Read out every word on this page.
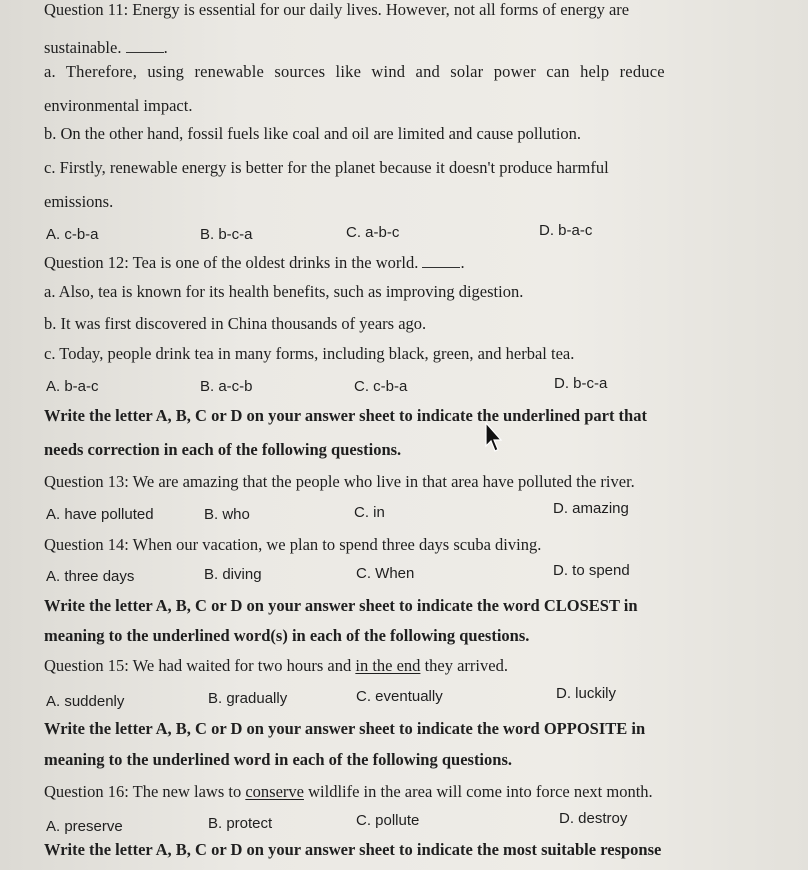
Question 11: Energy is essential for our daily lives. However, not all forms of energy are
sustainable.	.
a. Therefore, using renewable sources like wind and solar power can help reduce
environmental impact.
b. On the other hand, fossil fuels like coal and oil are limited and cause pollution.
c. Firstly, renewable energy is better for the planet because it doesn't produce harmful
emissions.
A. c-b-a	B. b-c-a	C. a-b-c	D. b-a-c
Question 12: Tea is one of the oldest drinks in the world.	.
a. Also, tea is known for its health benefits, such as improving digestion.
b. It was first discovered in China thousands of years ago.
c. Today, people drink tea in many forms, including black, green, and herbal tea.
A. b-a-c	B. a-c-b	C. c-b-a	D. b-c-a
Write the letter A, B, C or D on your answer sheet to indicate the underlined part that
needs correction in each of the following questions.
Question 13: We are amazing that the people who live in that area have polluted the river.
A. have polluted	B. who	C. in	D. amazing
Question 14: When our vacation, we plan to spend three days scuba diving.
A. three days	B. diving	C. When	D. to spend
Write the letter A, B, C or D on your answer sheet to indicate the word CLOSEST in
meaning to the underlined word(s) in each of the following questions.
Question 15: We had waited for two hours and in the end they arrived.
A. suddenly	B. gradually	C. eventually	D. luckily
Write the letter A, B, C or D on your answer sheet to indicate the word OPPOSITE in
meaning to the underlined word in each of the following questions.
Question 16: The new laws to conserve wildlife in the area will come into force next month.
A. preserve	B. protect	C. pollute	D. destroy
Write the letter A, B, C or D on your answer sheet to indicate the most suitable response
